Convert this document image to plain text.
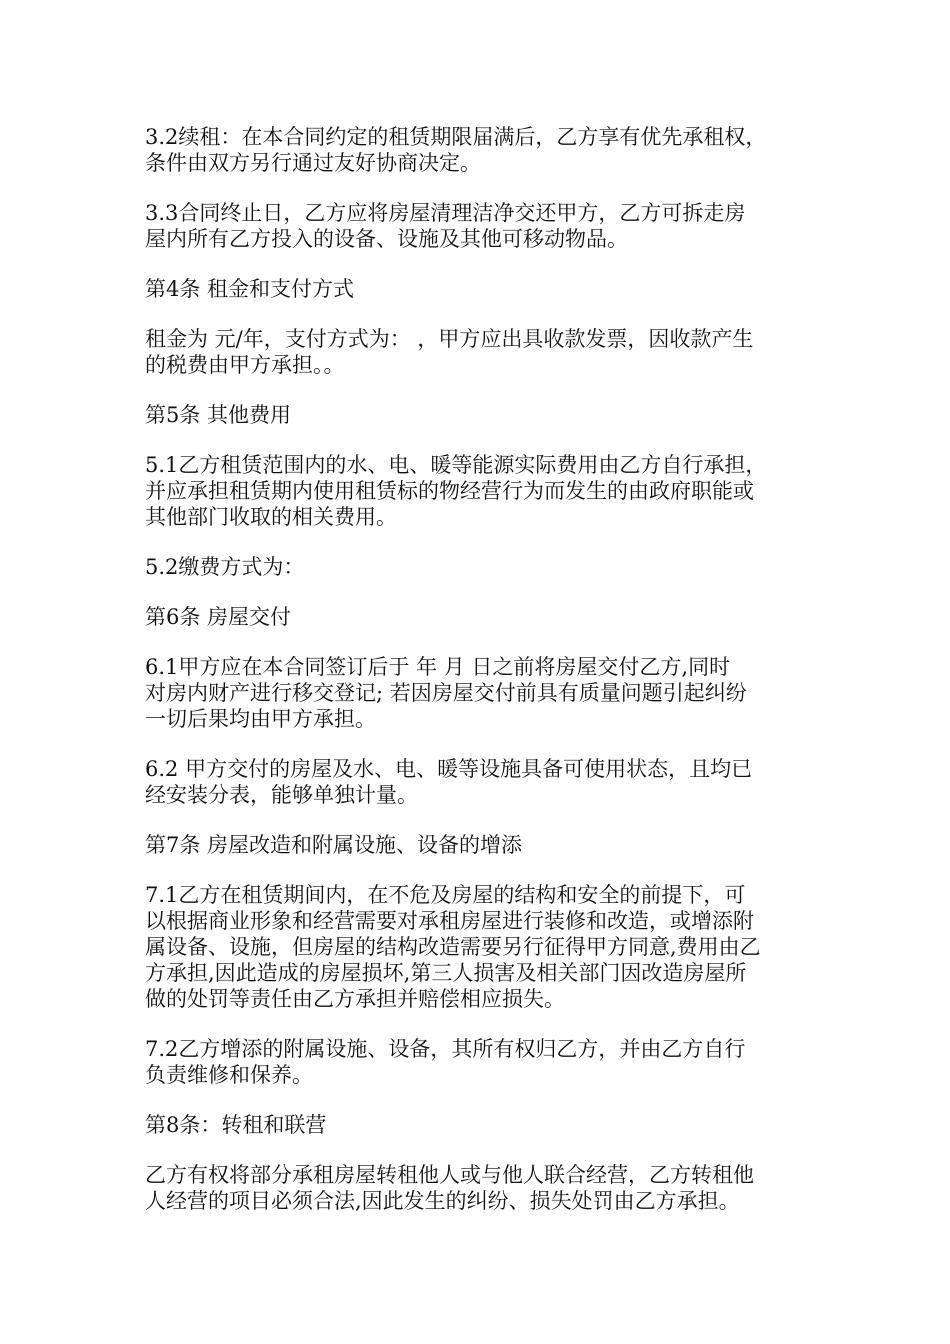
3.2续租：在本合同约定的租赁期限届满后，乙方享有优先承租权，
条件由双方另行通过友好协商决定。
3.3合同终止日，乙方应将房屋清理洁净交还甲方，乙方可拆走房
屋内所有乙方投入的设备、设施及其他可移动物品。
第4条 租金和支付方式
租金为 元/年，支付方式为： ，甲方应出具收款发票，因收款产生
的税费由甲方承担。。
第5条 其他费用
5.1乙方租赁范围内的水、电、暖等能源实际费用由乙方自行承担，
并应承担租赁期内使用租赁标的物经营行为而发生的由政府职能或
其他部门收取的相关费用。
5.2缴费方式为：
第6条 房屋交付
6.1甲方应在本合同签订后于 年 月 日之前将房屋交付乙方,同时
对房内财产进行移交登记; 若因房屋交付前具有质量问题引起纠纷
一切后果均由甲方承担。
6.2 甲方交付的房屋及水、电、暖等设施具备可使用状态，且均已
经安装分表，能够单独计量。
第7条 房屋改造和附属设施、设备的增添
7.1乙方在租赁期间内，在不危及房屋的结构和安全的前提下，可
以根据商业形象和经营需要对承租房屋进行装修和改造，或增添附
属设备、设施，但房屋的结构改造需要另行征得甲方同意,费用由乙
方承担,因此造成的房屋损坏,第三人损害及相关部门因改造房屋所
做的处罚等责任由乙方承担并赔偿相应损失。
7.2乙方增添的附属设施、设备，其所有权归乙方，并由乙方自行
负责维修和保养。
第8条：转租和联营
乙方有权将部分承租房屋转租他人或与他人联合经营，乙方转租他
人经营的项目必须合法,因此发生的纠纷、损失处罚由乙方承担。
